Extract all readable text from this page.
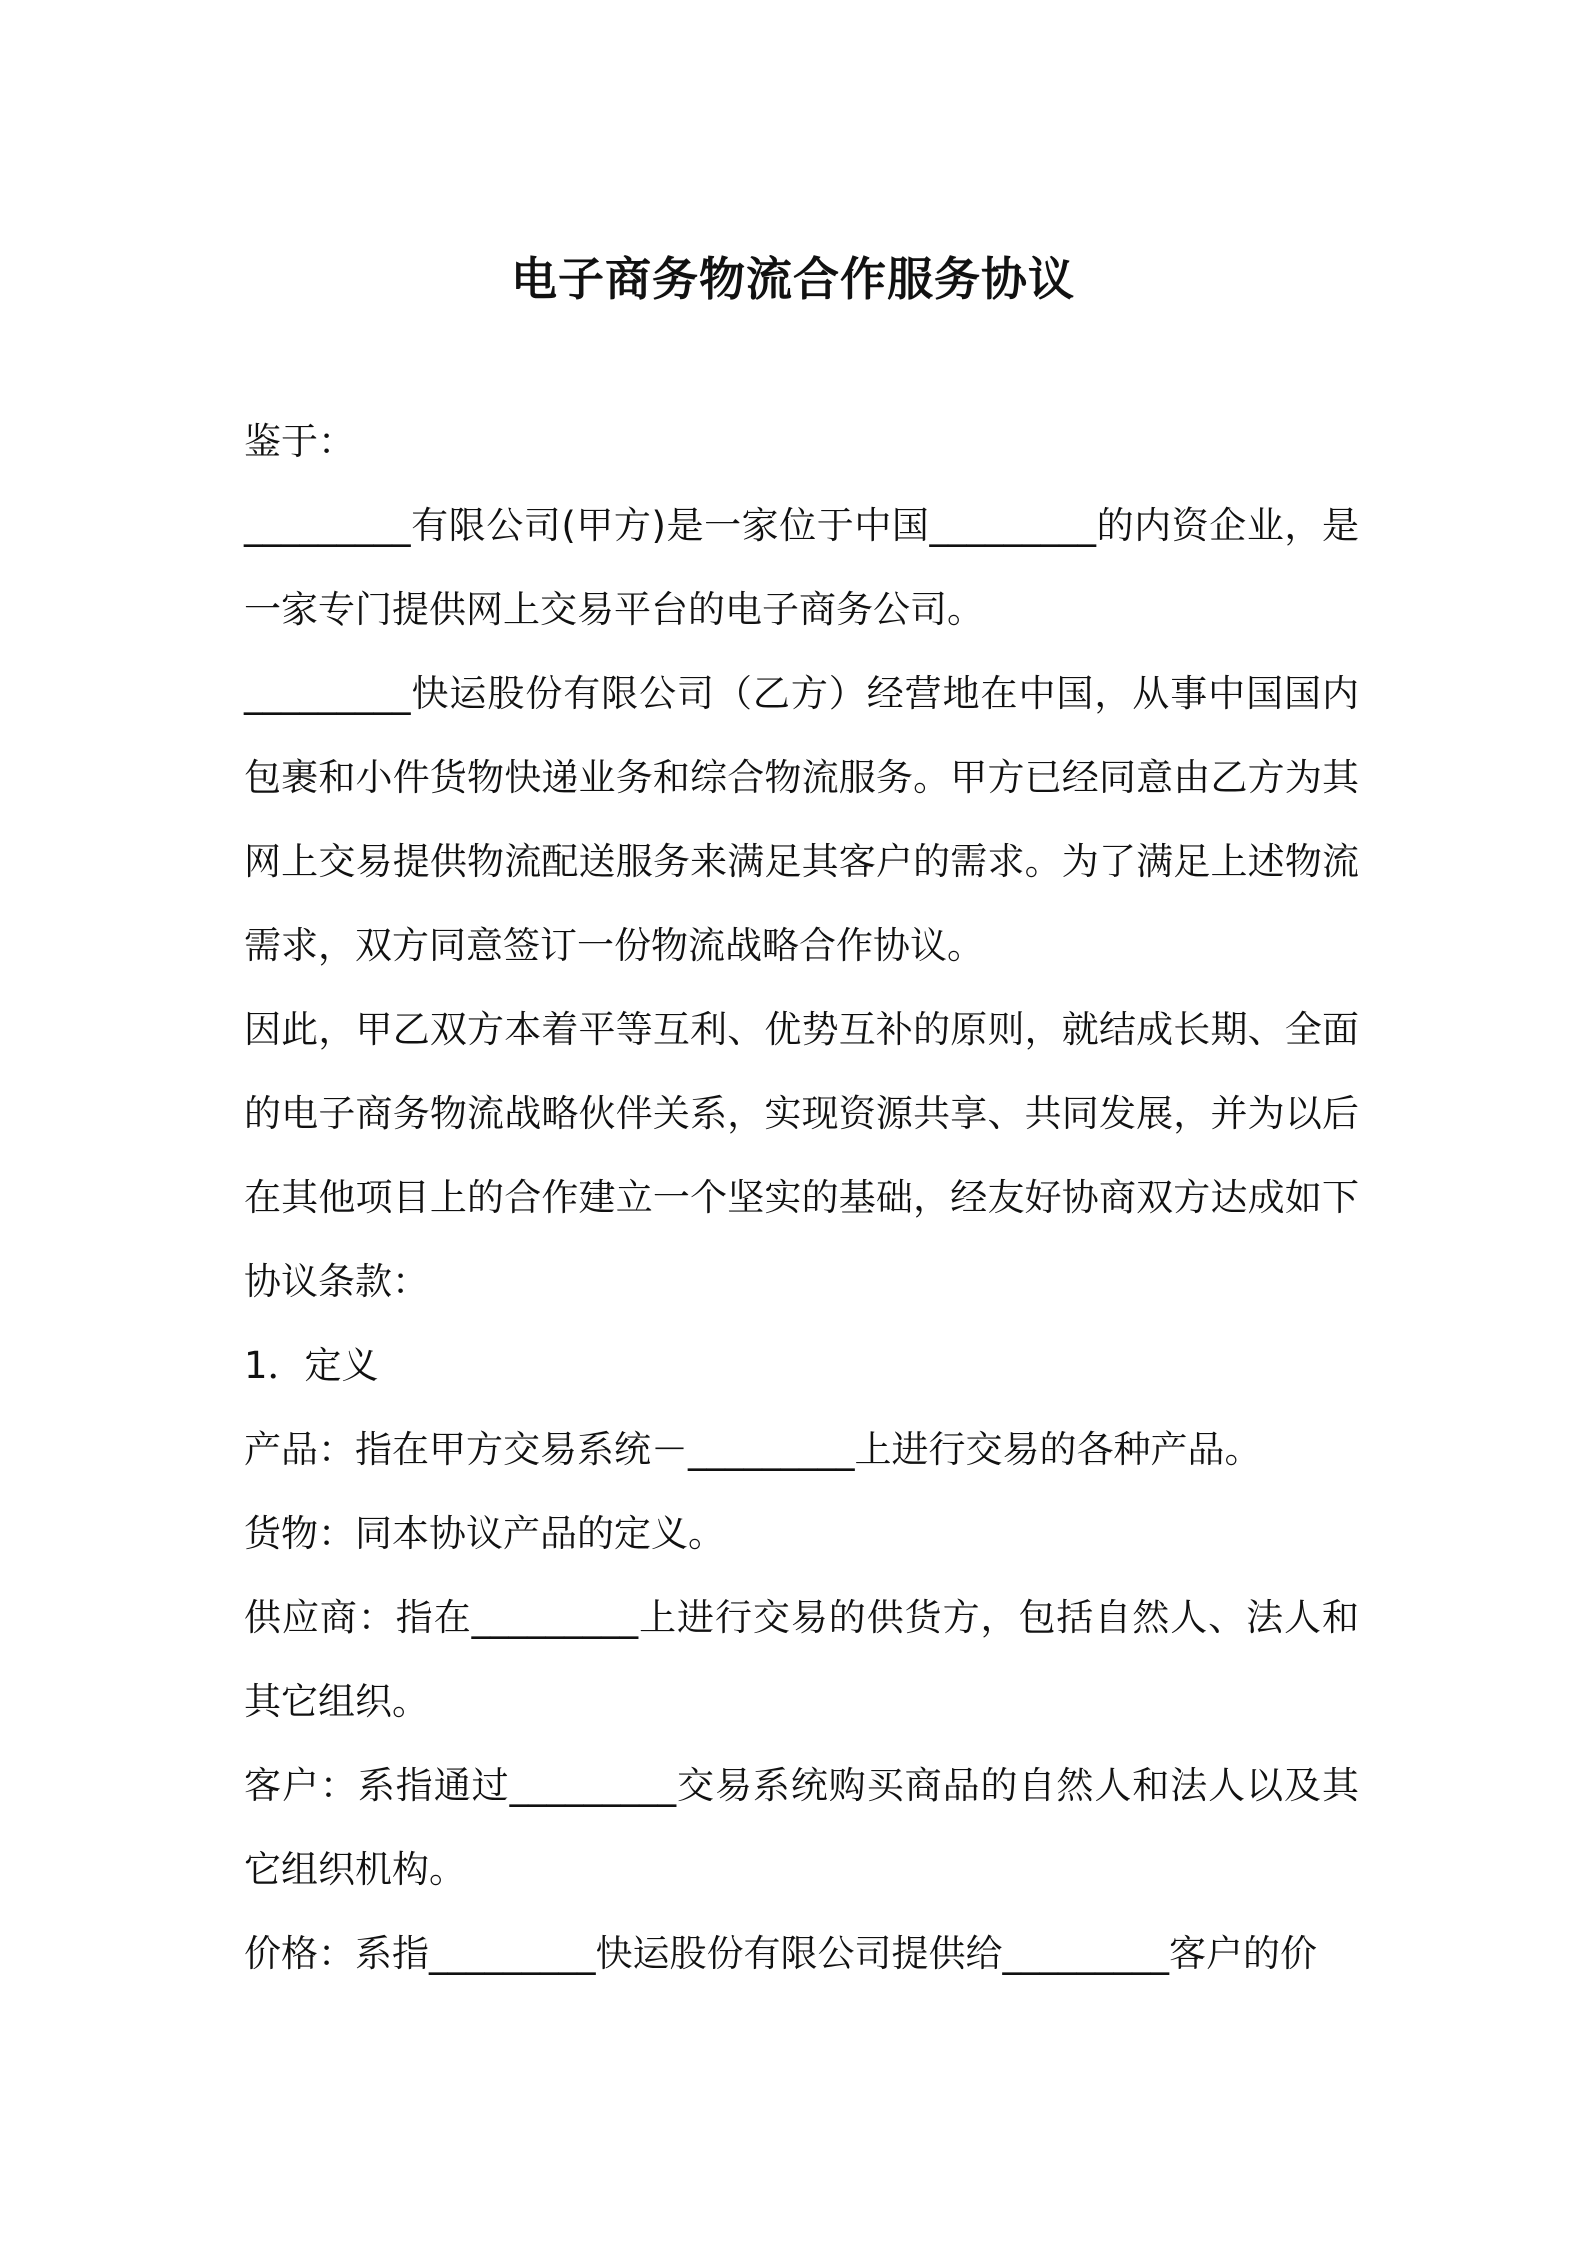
电子商务物流合作服务协议

鉴于：

_________有限公司(甲方)是一家位于中国_________的内资企业，是一家专门提供网上交易平台的电子商务公司。

_________快运股份有限公司（乙方）经营地在中国，从事中国国内包裹和小件货物快递业务和综合物流服务。甲方已经同意由乙方为其网上交易提供物流配送服务来满足其客户的需求。为了满足上述物流需求，双方同意签订一份物流战略合作协议。

因此，甲乙双方本着平等互利、优势互补的原则，就结成长期、全面的电子商务物流战略伙伴关系，实现资源共享、共同发展，并为以后在其他项目上的合作建立一个坚实的基础，经友好协商双方达成如下协议条款：

1．定义

产品：指在甲方交易系统－_________上进行交易的各种产品。

货物：同本协议产品的定义。

供应商：指在_________上进行交易的供货方，包括自然人、法人和其它组织。

客户：系指通过_________交易系统购买商品的自然人和法人以及其它组织机构。

价格：系指_________快运股份有限公司提供给_________客户的价
